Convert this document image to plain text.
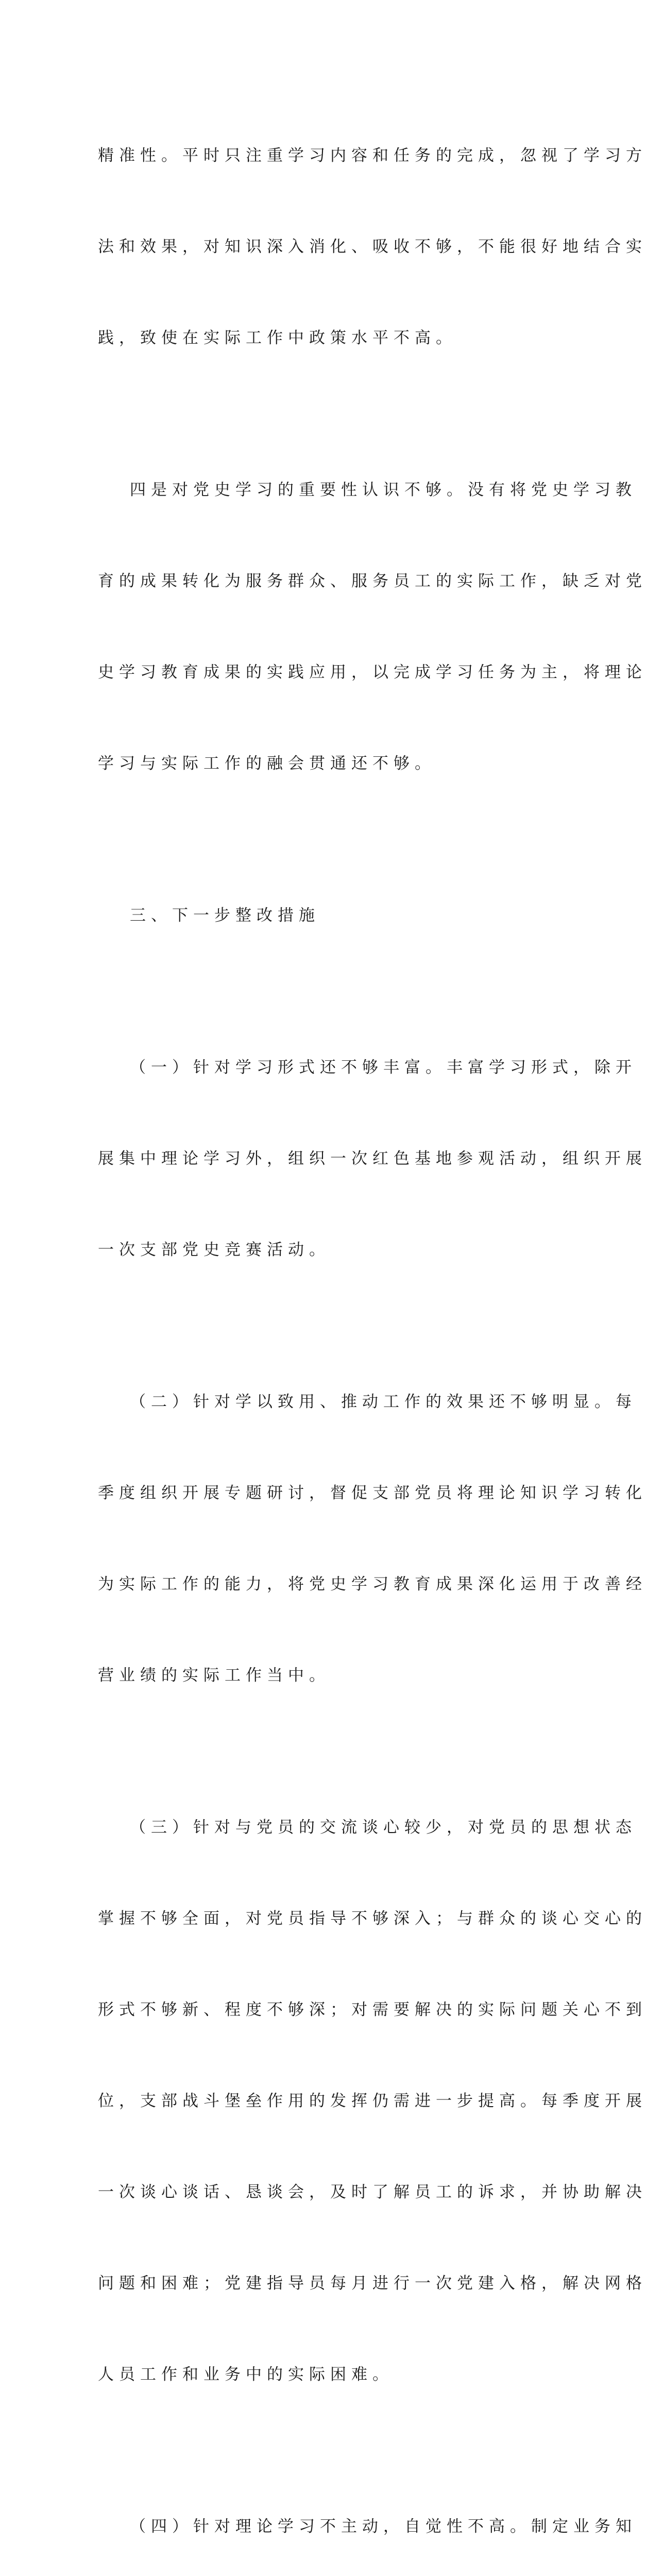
精准性。平时只注重学习内容和任务的完成，忽视了学习方

法和效果，对知识深入消化、吸收不够，不能很好地结合实

践，致使在实际工作中政策水平不高。

四是对党史学习的重要性认识不够。没有将党史学习教

育的成果转化为服务群众、服务员工的实际工作，缺乏对党

史学习教育成果的实践应用，以完成学习任务为主，将理论

学习与实际工作的融会贯通还不够。

三、下一步整改措施

（一）针对学习形式还不够丰富。丰富学习形式，除开

展集中理论学习外，组织一次红色基地参观活动，组织开展

一次支部党史竞赛活动。

（二）针对学以致用、推动工作的效果还不够明显。每

季度组织开展专题研讨，督促支部党员将理论知识学习转化

为实际工作的能力，将党史学习教育成果深化运用于改善经

营业绩的实际工作当中。

（三）针对与党员的交流谈心较少，对党员的思想状态

掌握不够全面，对党员指导不够深入；与群众的谈心交心的

形式不够新、程度不够深；对需要解决的实际问题关心不到

位，支部战斗堡垒作用的发挥仍需进一步提高。每季度开展

一次谈心谈话、恳谈会，及时了解员工的诉求，并协助解决

问题和困难；党建指导员每月进行一次党建入格，解决网格

人员工作和业务中的实际困难。

（四）针对理论学习不主动，自觉性不高。制定业务知
